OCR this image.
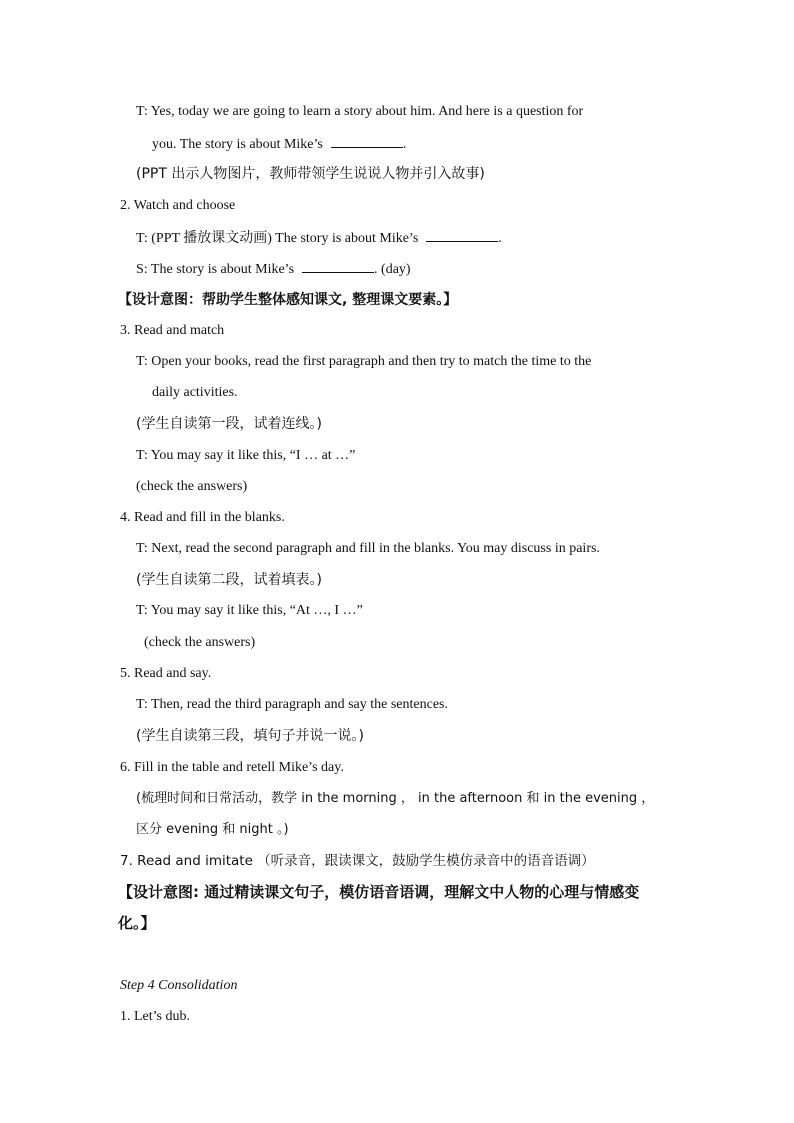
T: Yes, today we are going to learn a story about him. And here is a question for
you. The story is about Mike’s	.
(PPT 出示人物图片，教师带领学生说说人物并引入故事)
2. Watch and choose
T: (PPT 播放课文动画) The story is about Mike’s	.
S: The story is about Mike’s	. (day)
【设计意图：帮助学生整体感知课文, 整理课文要素。】
3. Read and match
T: Open your books, read the first paragraph and then try to match the time to the
daily activities.
(学生自读第一段，试着连线。)
T: You may say it like this, “I … at …”
(check the answers)
4. Read and fill in the blanks.
T: Next, read the second paragraph and fill in the blanks. You may discuss in pairs.
(学生自读第二段，试着填表。)
T: You may say it like this, “At …, I …”
(check the answers)
5. Read and say.
T: Then, read the third paragraph and say the sentences.
(学生自读第三段，填句子并说一说。)
6. Fill in the table and retell Mike’s day.
(梳理时间和日常活动，教学 in the morning ， in the afternoon 和 in the evening ，
区分 evening 和 night 。)
7. Read and imitate （听录音，跟读课文，鼓励学生模仿录音中的语音语调）
【设计意图: 通过精读课文句子，模仿语音语调，理解文中人物的心理与情感变
化。】
Step 4 Consolidation
1. Let’s dub.
